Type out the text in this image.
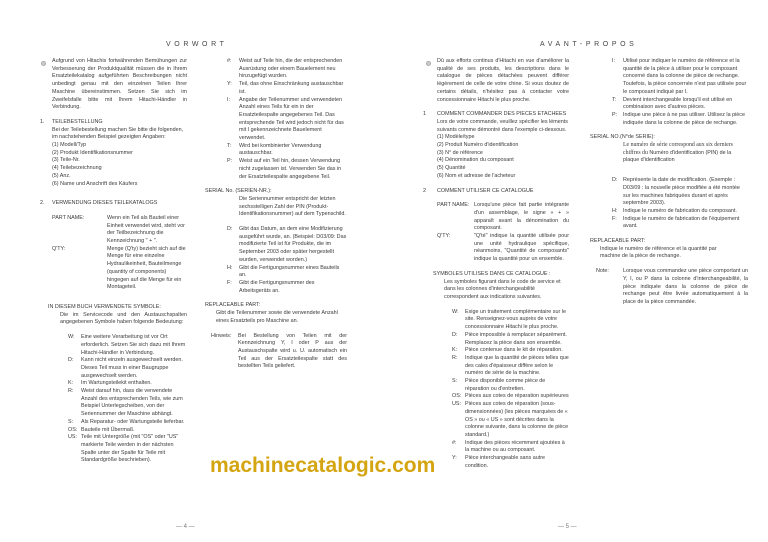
VORWORT

Aufgrund von Hitachis fortwährenden Bemühungen zur Verbesserung der Produktqualität müssen die in Ihrem Ersatzteilekatalog aufgeführten Beschreibungen nicht unbedingt genau mit den einzelnen Teilen Ihrer Maschine übereinstimmen. Setzen Sie sich im Zweifelsfalle bitte mit Ihrem Hitachi-Händler in Verbindung.

1. TEILEBESTELLUNG

Bei der Teilebestellung machen Sie bitte die folgenden, im nachstehenden Beispiel gezeigten Angaben:

(1) Modell/Typ

(2) Produkt Identifikationsnummer

(3) Teile-Nr.

(4) Teilebezeichnung

(5) Anz.

(6) Name und Anschrift des Käufers

2. VERWENDUNG DIESES TEILEKATALOGS

PART NAME:	Wenn ein Teil als Bauteil einer Einheit verwendet wird, steht vor der Teilbezeichnung die Kennzeichnung " + ".

Q'TY:	Menge (Q'ty) bezieht sich auf die Menge für eine einzelne Hydraulikeinheit, Bauteilmenge (quantity of components) hingegen auf die Menge für ein Montageteil.

IN DIESEM BUCH VERWENDETE SYMBOLE:

Die im Servicecode und den Austauschspalten angegebenen Symbole haben folgende Bedeutung:

W: Eine weitere Verarbeitung ist vor Ort erforderlich. Setzen Sie sich dazu mit Ihrem Hitachi-Händler in Verbindung.

D: Kann nicht einzeln ausgewechselt werden. Dieses Teil muss in einer Baugruppe ausgewechselt werden.

K: Im Wartungsteilekit enthalten.

R: Weist darauf hin, dass die verwendete Anzahl des entsprechenden Teils, wie zum Beispiel Unterlegscheiben, von der Seriennummer der Maschine abhängt.

S: Als Reparatur- oder Wartungsteile lieferbar.

OS: Bauteile mit Übermaß.

US: Teile mit Untergröße (mit "OS" oder "US" markierte Teile werden in der nächsten Spalte unter der Spalte für Teile mit Standardgröße beschrieben).

#: Weist auf Teile hin, die der entsprechenden Ausrüstung oder einem Bauelement neu hinzugefügt wurden.

Y: Teil, das ohne Einschränkung austauschbar ist.

I: Angabe der Teilenummer und verwendeten Anzahl eines Teils für ein in der Ersatzteilespalte angegebenes Teil. Das entsprechende Teil wird jedoch nicht für das mit I gekennzeichnete Bauelement verwendet.

T: Wird bei kombinierter Verwendung austauschbar.

P: Weist auf ein Teil hin, dessen Verwendung nicht zugelassen ist. Verwenden Sie das in der Ersatzteilespalte angegebene Teil.

SERIAL No. (SERIEN-NR.):

Die Seriennummer entspricht der letzten sechsstelligen Zahl der PIN (Produkt-Identifikationsnummer) auf dem Typenschild.

D: Gibt das Datum, an dem eine Modifizierung ausgeführt wurde, an. (Beispiel: D03/09: Das modifizierte Teil ist für Produkte, die im September 2003 oder später hergestellt wurden, verwendet worden.)

H: Gibt die Fertigungsnummer eines Bauteils an.

F: Gibt die Fertigungsnummer des Arbeitsgeräts an.

REPLACEABLE PART:

Gibt die Teilenummer sowie die verwendete Anzahl eines Ersatzteils pro Maschine an.

Hinweis: Bei Bestellung von Teilen mit der Kennzeichnung Y, I oder P aus der Austauschspalte wird u. U. automatisch ein Teil aus der Ersatzteilespalte statt des bestellten Teils geliefert.

— 4 —
AVANT-PROPOS

Dû aux efforts continus d'Hitachi en vue d'améliorer la qualité de ses produits, les descriptions dans le catalogue de pièces détachées peuvent différer légèrement de celle de votre chine. Si vous doutez de certains détails, n'hésitez pas à contacter votre concessionnaire Hitachi le plus proche.

1 COMMENT COMMANDER DES PIECES ETACHEES

Lors de votre commande, veuillez spécifier les léments suivants comme démontré dans l'exemple ci-dessous.

(1) Modèle/type

(2) Produit Numéro d'identification

(3) N° de référence

(4) Dénomination du composant

(5) Quantité

(6) Nom et adresse de l'acheteur

2 COMMENT UTILISER CE CATALOGUE

PART NAME: Lorsqu'une pièce fait partie intégrante d'un assemblage, le signe « + » apparaît avant la dénomination du composant.

Q'TY:	"Q'té" indique la quantité utilisée pour une unité hydraulique spécifique, néanmoins, "Quantité de composants" indique la quantité pour un ensemble.

SYMBOLES UTILISES DANS CE CATALOGUE :

Les symboles figurant dans le code de service et dans les colonnes d'interchangeabilité correspondent aux indications suivantes.

W: Exige un traitement complémentaire sur le site. Renseignez-vous auprès de votre concessionnaire Hitachi le plus proche.

D: Pièce impossible à remplacer séparément. Remplacez la pièce dans son ensemble.

K: Pièce contenue dans le kit de réparation.

R: Indique que la quantité de pièces telles que des cales d'épaisseur diffère selon le numéro de série de la machine.

S: Pièce disponible comme pièce de réparation ou d'entretien.

OS: Pièces aux cotes de réparation supérieures

US: Pièces aux cotes de réparation (sous-dimensionnées) (les pièces marquées de « OS » ou « US » sont décrites dans la colonne suivante, dans la colonne de pièce standard.)

#: Indique des pièces récemment ajoutées à la machine ou au composant.

Y: Pièce interchangeable sans autre condition.

I: Utilisé pour indiquer le numéro de référence et la quantité de la pièce à utiliser pour le composant concerné dans la colonne de pièce de rechange. Toutefois, la pièce concernée n'est pas utilisée pour le composant indiqué par I.

T: Devient interchangeable lorsqu'il est utilisé en combinaison avec d'autres pièces.

P: Indique une pièce à ne pas utiliser. Utilisez la pièce indiquée dans la colonne de pièce de rechange.

SERIAL NO.(N°de SERIE):

Le numéro de série correspond aux six derniers chiffres du Numéro d'identification (PIN) de la plaque d'identification

D: Représente la date de modification. (Exemple : D03/09 : la nouvelle pièce modifiée a été montée sur les machines fabriquées durant et après septembre 2003).

H: Indique le numéro de fabrication du composant.

F: Indique le numéro de fabrication de l'équipement avant.

REPLACEABLE PART:

Indique le numéro de référence et la quantité par machine de la pièce de rechange.

Note:	Lorsque vous commandez une pièce comportant un Y, I, ou P dans la colonne d'interchangeabilité, la pièce indiquée dans la colonne de pièce de rechange peut être livrée automatiquement à la place de la pièce commandée.

— 5 —
machinecatalogic.com
